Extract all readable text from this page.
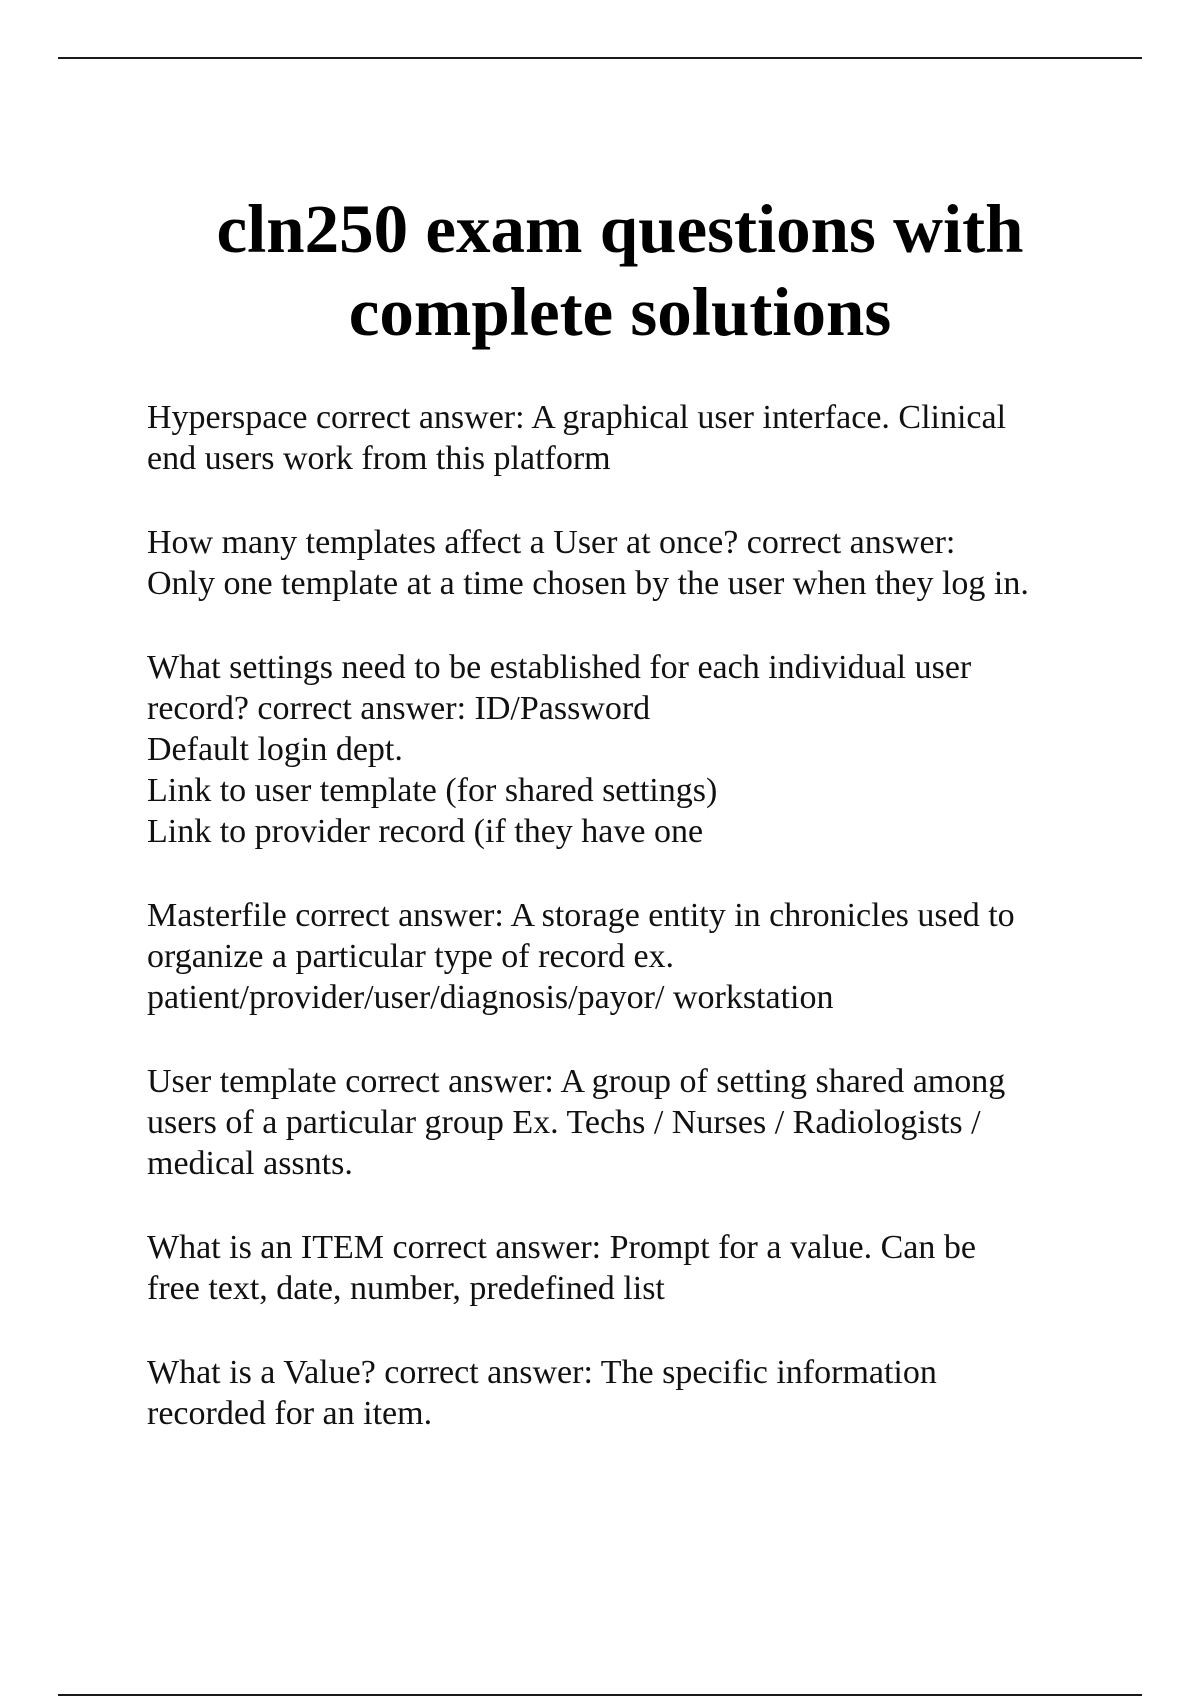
cln250 exam questions with
complete solutions
Hyperspace correct answer: A graphical user interface. Clinical
end users work from this platform
How many templates affect a User at once? correct answer:
Only one template at a time chosen by the user when they log in.
What settings need to be established for each individual user
record? correct answer: ID/Password
Default login dept.
Link to user template (for shared settings)
Link to provider record (if they have one
Masterfile correct answer: A storage entity in chronicles used to
organize a particular type of record ex.
patient/provider/user/diagnosis/payor/ workstation
User template correct answer: A group of setting shared among
users of a particular group Ex. Techs / Nurses / Radiologists /
medical assnts.
What is an ITEM correct answer: Prompt for a value. Can be
free text, date, number, predefined list
What is a Value? correct answer: The specific information
recorded for an item.
